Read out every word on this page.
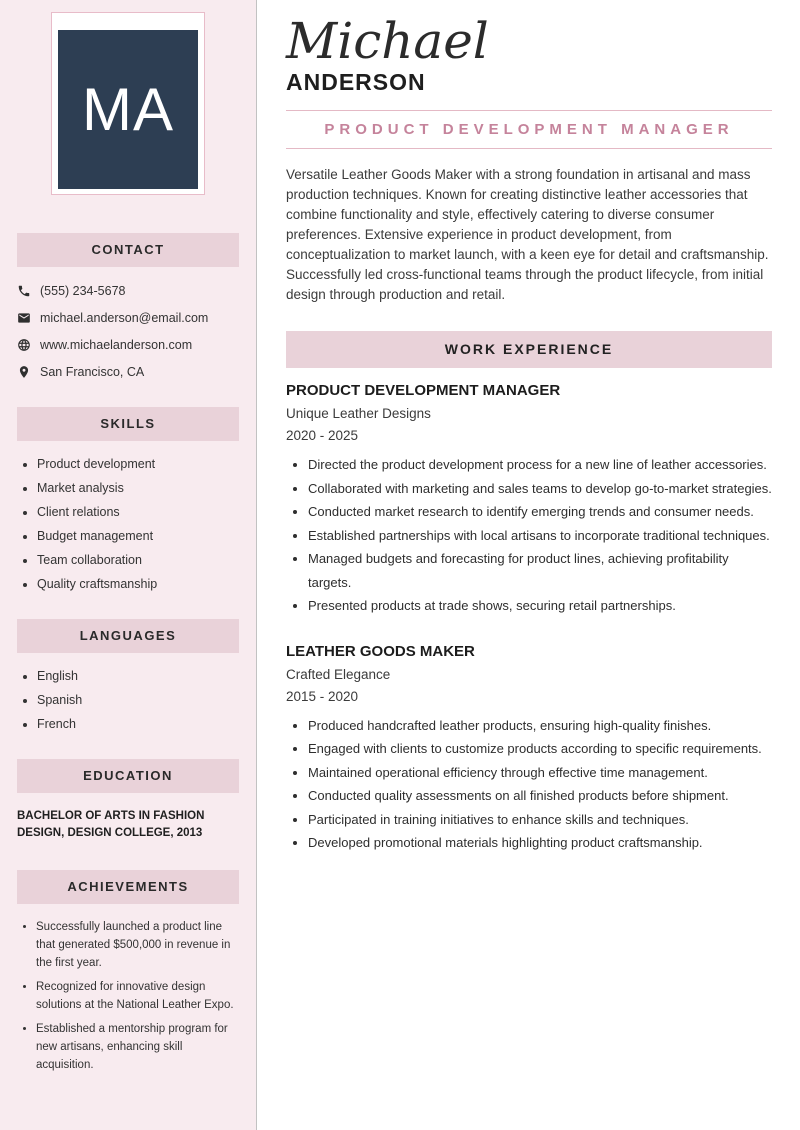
MA
CONTACT
(555) 234-5678
michael.anderson@email.com
www.michaelanderson.com
San Francisco, CA
SKILLS
• Product development
• Market analysis
• Client relations
• Budget management
• Team collaboration
• Quality craftsmanship
LANGUAGES
• English
• Spanish
• French
EDUCATION
BACHELOR OF ARTS IN FASHION DESIGN, DESIGN COLLEGE, 2013
ACHIEVEMENTS
• Successfully launched a product line that generated $500,000 in revenue in the first year.
• Recognized for innovative design solutions at the National Leather Expo.
• Established a mentorship program for new artisans, enhancing skill acquisition.
Michael
ANDERSON
PRODUCT DEVELOPMENT MANAGER

Versatile Leather Goods Maker with a strong foundation in artisanal and mass production techniques. Known for creating distinctive leather accessories that combine functionality and style, effectively catering to diverse consumer preferences. Extensive experience in product development, from conceptualization to market launch, with a keen eye for detail and craftsmanship. Successfully led cross-functional teams through the product lifecycle, from initial design through production and retail.

WORK EXPERIENCE
PRODUCT DEVELOPMENT MANAGER
Unique Leather Designs
2020 - 2025
• Directed the product development process for a new line of leather accessories.
• Collaborated with marketing and sales teams to develop go-to-market strategies.
• Conducted market research to identify emerging trends and consumer needs.
• Established partnerships with local artisans to incorporate traditional techniques.
• Managed budgets and forecasting for product lines, achieving profitability targets.
• Presented products at trade shows, securing retail partnerships.
LEATHER GOODS MAKER
Crafted Elegance
2015 - 2020
• Produced handcrafted leather products, ensuring high-quality finishes.
• Engaged with clients to customize products according to specific requirements.
• Maintained operational efficiency through effective time management.
• Conducted quality assessments on all finished products before shipment.
• Participated in training initiatives to enhance skills and techniques.
• Developed promotional materials highlighting product craftsmanship.
